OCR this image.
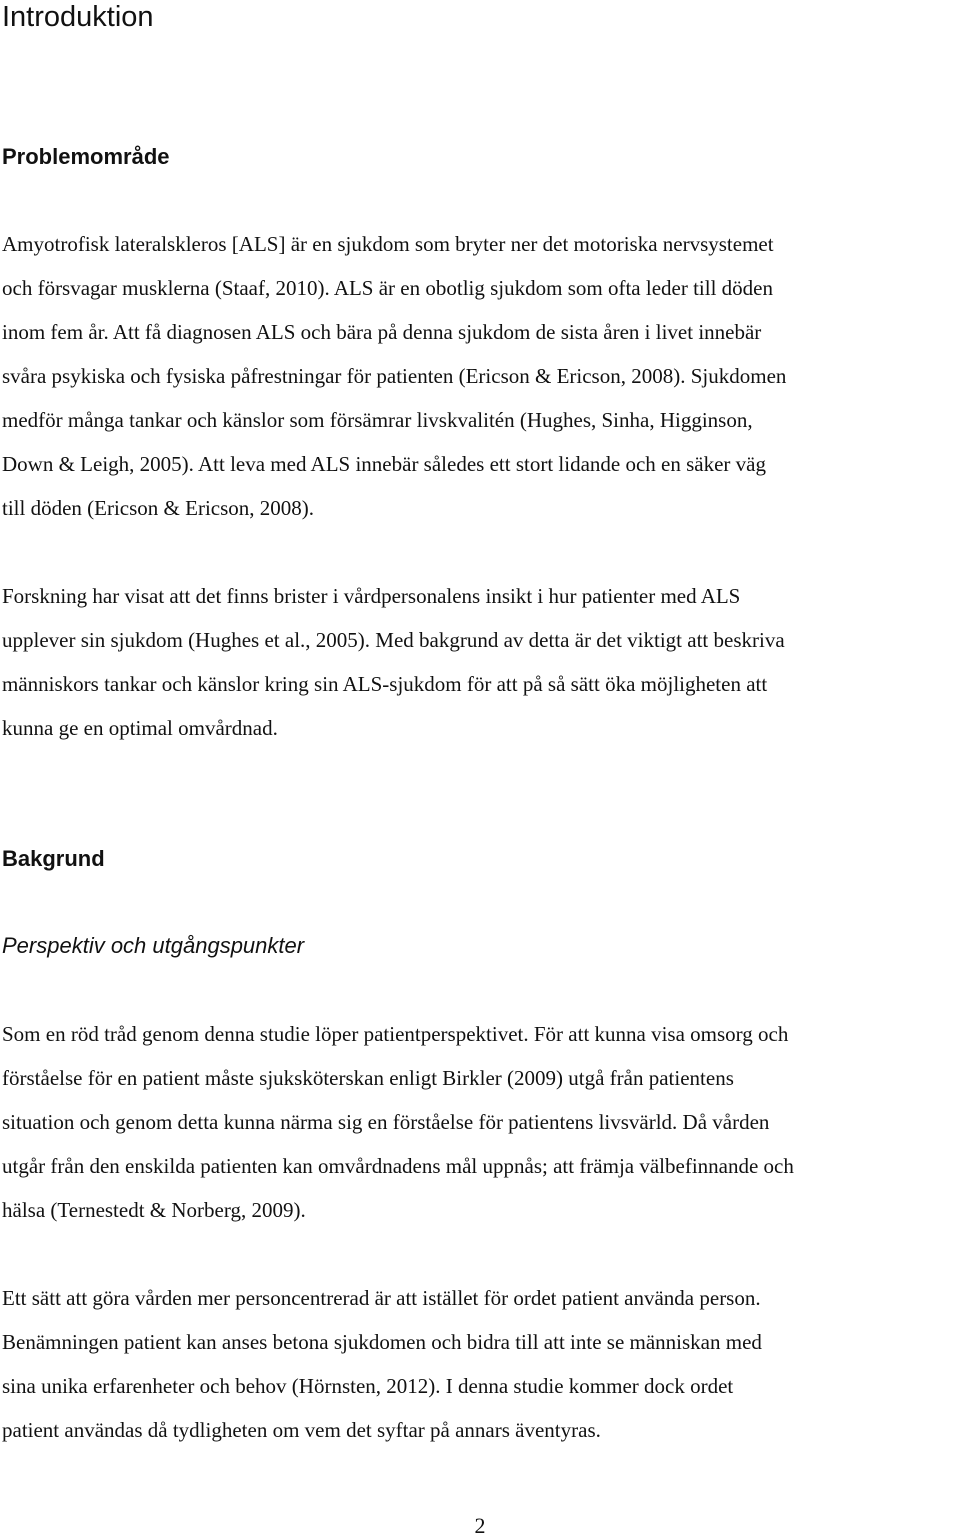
Introduktion
Problemområde
Amyotrofisk lateralskleros [ALS] är en sjukdom som bryter ner det motoriska nervsystemet
och försvagar musklerna (Staaf, 2010). ALS är en obotlig sjukdom som ofta leder till döden
inom fem år. Att få diagnosen ALS och bära på denna sjukdom de sista åren i livet innebär
svåra psykiska och fysiska påfrestningar för patienten (Ericson & Ericson, 2008). Sjukdomen
medför många tankar och känslor som försämrar livskvalitén (Hughes, Sinha, Higginson,
Down & Leigh, 2005). Att leva med ALS innebär således ett stort lidande och en säker väg
till döden (Ericson & Ericson, 2008).
Forskning har visat att det finns brister i vårdpersonalens insikt i hur patienter med ALS
upplever sin sjukdom (Hughes et al., 2005). Med bakgrund av detta är det viktigt att beskriva
människors tankar och känslor kring sin ALS-sjukdom för att på så sätt öka möjligheten att
kunna ge en optimal omvårdnad.
Bakgrund
Perspektiv och utgångspunkter
Som en röd tråd genom denna studie löper patientperspektivet. För att kunna visa omsorg och
förståelse för en patient måste sjuksköterskan enligt Birkler (2009) utgå från patientens
situation och genom detta kunna närma sig en förståelse för patientens livsvärld. Då vården
utgår från den enskilda patienten kan omvårdnadens mål uppnås; att främja välbefinnande och
hälsa (Ternestedt & Norberg, 2009).
Ett sätt att göra vården mer personcentrerad är att istället för ordet patient använda person.
Benämningen patient kan anses betona sjukdomen och bidra till att inte se människan med
sina unika erfarenheter och behov (Hörnsten, 2012). I denna studie kommer dock ordet
patient användas då tydligheten om vem det syftar på annars äventyras.
2
